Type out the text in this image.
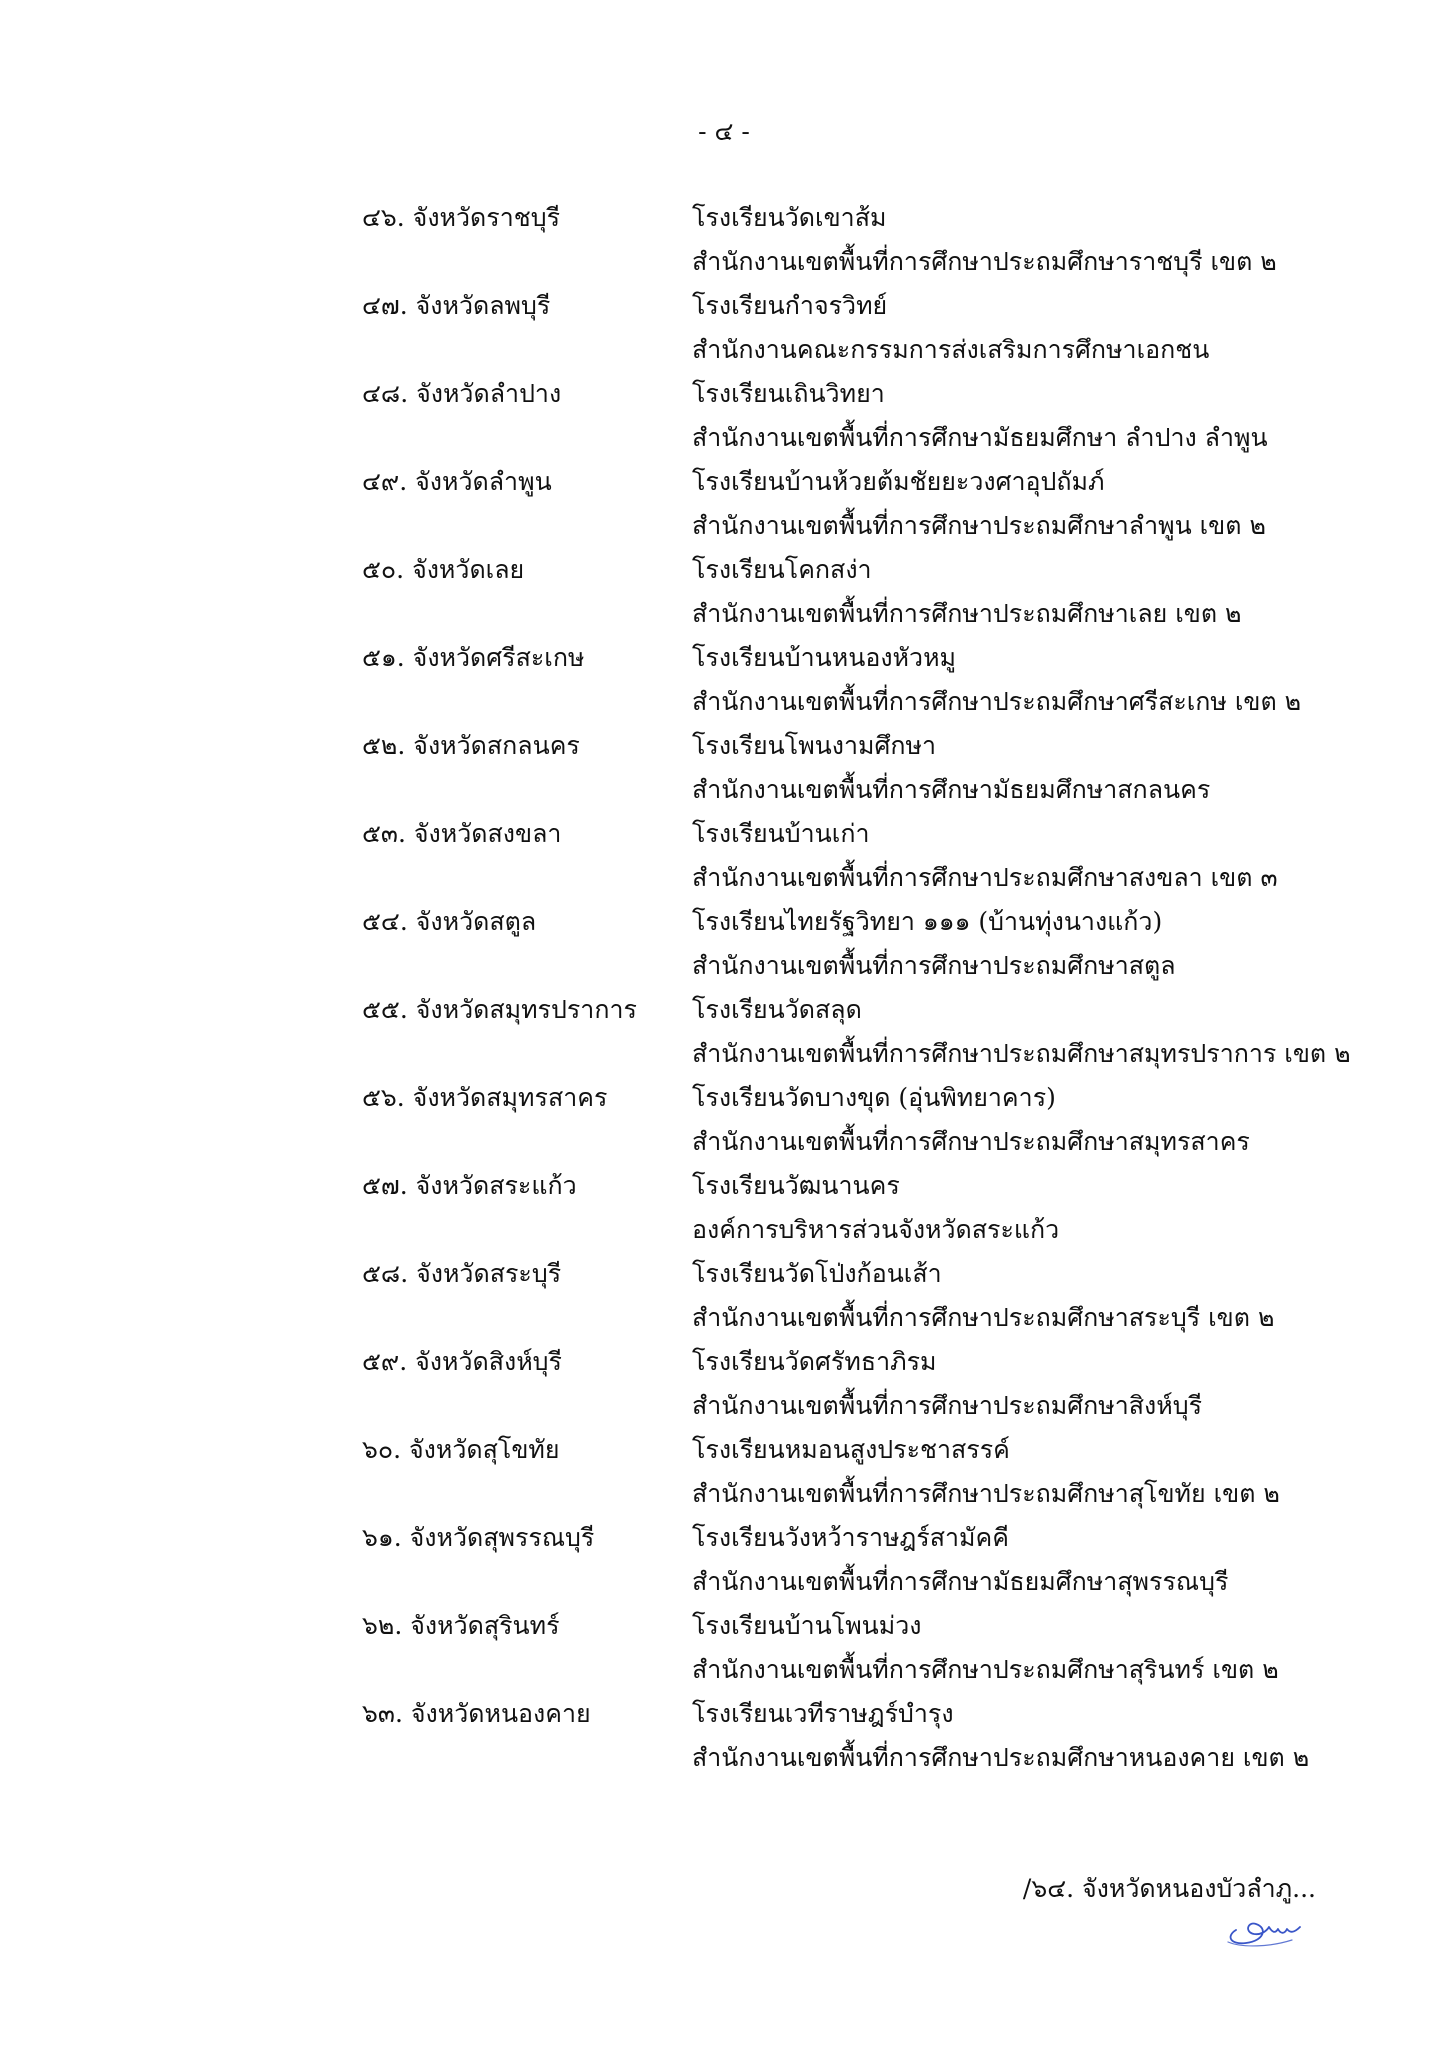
- ๔ -
๔๖. จังหวัดราชบุรี	โรงเรียนวัดเขาส้ม
สำนักงานเขตพื้นที่การศึกษาประถมศึกษาราชบุรี เขต ๒
๔๗. จังหวัดลพบุรี	โรงเรียนกำจรวิทย์
สำนักงานคณะกรรมการส่งเสริมการศึกษาเอกชน
๔๘. จังหวัดลำปาง	โรงเรียนเถินวิทยา
สำนักงานเขตพื้นที่การศึกษามัธยมศึกษา ลำปาง ลำพูน
๔๙. จังหวัดลำพูน	โรงเรียนบ้านห้วยต้มชัยยะวงศาอุปถัมภ์
สำนักงานเขตพื้นที่การศึกษาประถมศึกษาลำพูน เขต ๒
๕๐. จังหวัดเลย	โรงเรียนโคกสง่า
สำนักงานเขตพื้นที่การศึกษาประถมศึกษาเลย เขต ๒
๕๑. จังหวัดศรีสะเกษ	โรงเรียนบ้านหนองหัวหมู
สำนักงานเขตพื้นที่การศึกษาประถมศึกษาศรีสะเกษ เขต ๒
๕๒. จังหวัดสกลนคร	โรงเรียนโพนงามศึกษา
สำนักงานเขตพื้นที่การศึกษามัธยมศึกษาสกลนคร
๕๓. จังหวัดสงขลา	โรงเรียนบ้านเก่า
สำนักงานเขตพื้นที่การศึกษาประถมศึกษาสงขลา เขต ๓
๕๔. จังหวัดสตูล	โรงเรียนไทยรัฐวิทยา ๑๑๑ (บ้านทุ่งนางแก้ว)
สำนักงานเขตพื้นที่การศึกษาประถมศึกษาสตูล
๕๕. จังหวัดสมุทรปราการ	โรงเรียนวัดสลุด
สำนักงานเขตพื้นที่การศึกษาประถมศึกษาสมุทรปราการ เขต ๒
๕๖. จังหวัดสมุทรสาคร	โรงเรียนวัดบางขุด (อุ่นพิทยาคาร)
สำนักงานเขตพื้นที่การศึกษาประถมศึกษาสมุทรสาคร
๕๗. จังหวัดสระแก้ว	โรงเรียนวัฒนานคร
องค์การบริหารส่วนจังหวัดสระแก้ว
๕๘. จังหวัดสระบุรี	โรงเรียนวัดโป่งก้อนเส้า
สำนักงานเขตพื้นที่การศึกษาประถมศึกษาสระบุรี เขต ๒
๕๙. จังหวัดสิงห์บุรี	โรงเรียนวัดศรัทธาภิรม
สำนักงานเขตพื้นที่การศึกษาประถมศึกษาสิงห์บุรี
๖๐. จังหวัดสุโขทัย	โรงเรียนหมอนสูงประชาสรรค์
สำนักงานเขตพื้นที่การศึกษาประถมศึกษาสุโขทัย เขต ๒
๖๑. จังหวัดสุพรรณบุรี	โรงเรียนวังหว้าราษฎร์สามัคคี
สำนักงานเขตพื้นที่การศึกษามัธยมศึกษาสุพรรณบุรี
๖๒. จังหวัดสุรินทร์	โรงเรียนบ้านโพนม่วง
สำนักงานเขตพื้นที่การศึกษาประถมศึกษาสุรินทร์ เขต ๒
๖๓. จังหวัดหนองคาย	โรงเรียนเวทีราษฎร์บำรุง
สำนักงานเขตพื้นที่การศึกษาประถมศึกษาหนองคาย เขต ๒
/๖๔. จังหวัดหนองบัวลำภู...
